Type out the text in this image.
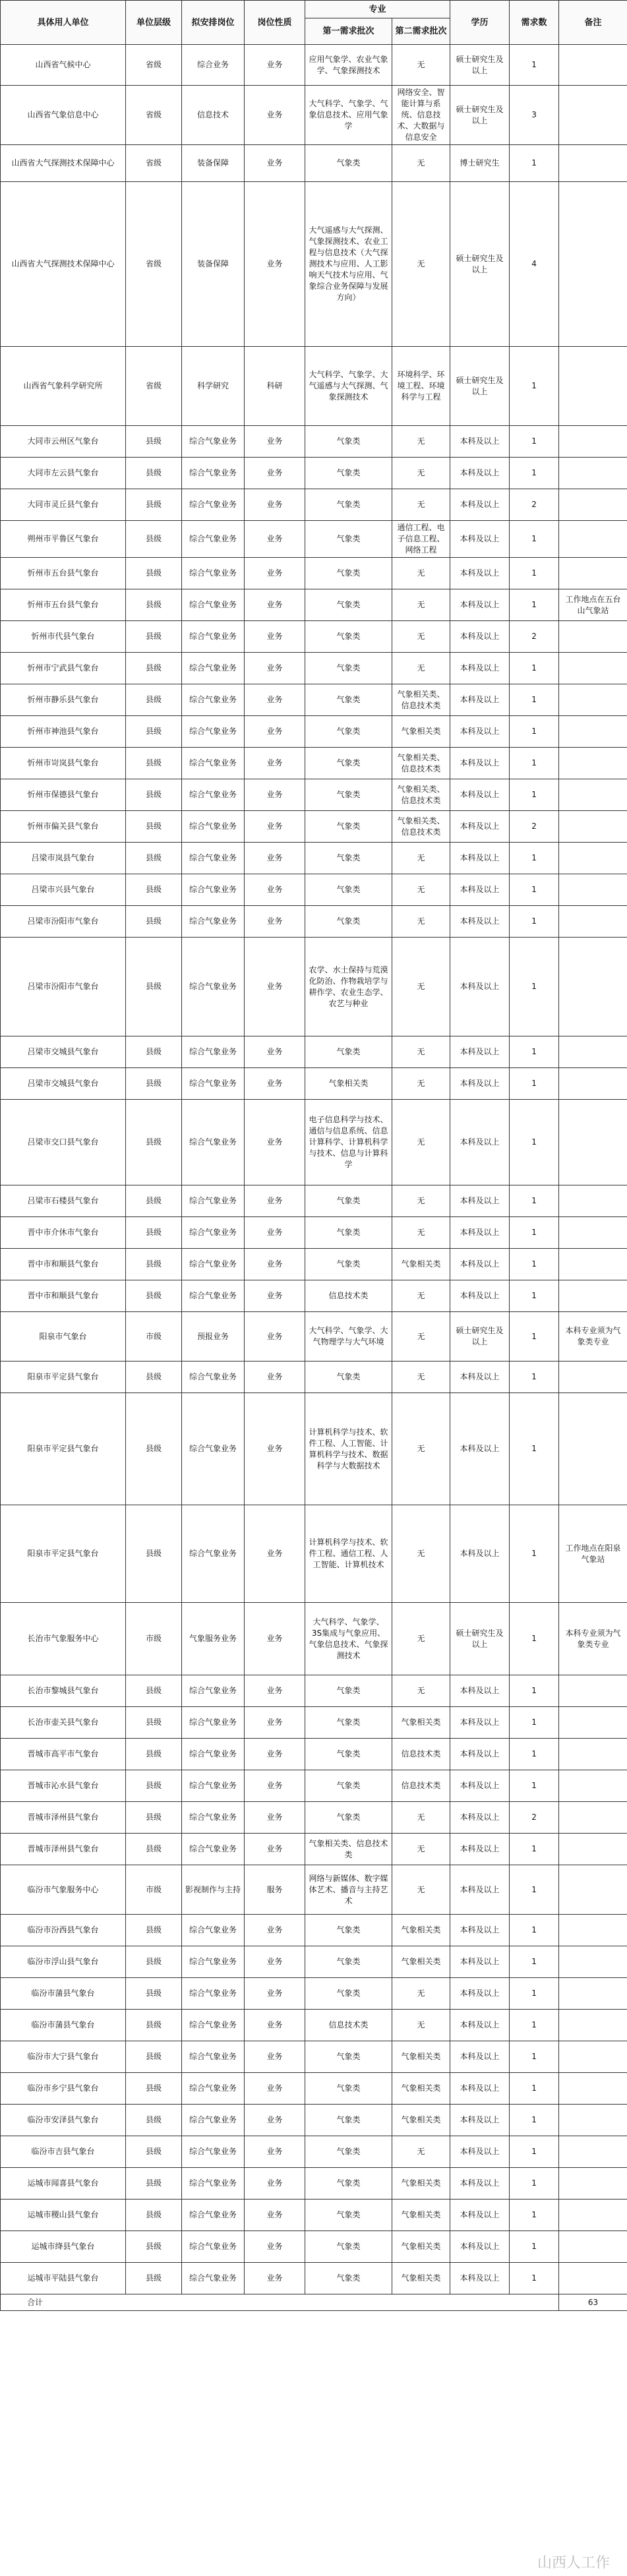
具体用人单位	单位层级	拟安排岗位	岗位性质	专业		学历	需求数	备注
				第一需求批次	第二需求批次			
山西省气候中心	省级	综合业务	业务	应用气象学、农业气象学、气象探测技术	无	硕士研究生及以上	1	
山西省气象信息中心	省级	信息技术	业务	大气科学、气象学、气象信息技术、应用气象学	网络安全、智能计算与系统、信息技术、大数据与信息安全	硕士研究生及以上	3	
山西省大气探测技术保障中心	省级	装备保障	业务	气象类	无	博士研究生	1	
山西省大气探测技术保障中心	省级	装备保障	业务	大气遥感与大气探测、气象探测技术、农业工程与信息技术（大气探测技术与应用、人工影响天气技术与应用、气象综合业务保障与发展方向）	无	硕士研究生及以上	4	
山西省气象科学研究所	省级	科学研究	科研	大气科学、气象学、大气遥感与大气探测、气象探测技术	环境科学、环境工程、环境科学与工程	硕士研究生及以上	1	
大同市云州区气象台	县级	综合气象业务	业务	气象类	无	本科及以上	1	
大同市左云县气象台	县级	综合气象业务	业务	气象类	无	本科及以上	1	
大同市灵丘县气象台	县级	综合气象业务	业务	气象类	无	本科及以上	2	
朔州市平鲁区气象台	县级	综合气象业务	业务	气象类	通信工程、电子信息工程、网络工程	本科及以上	1	
忻州市五台县气象台	县级	综合气象业务	业务	气象类	无	本科及以上	1	
忻州市五台县气象台	县级	综合气象业务	业务	气象类	无	本科及以上	1	工作地点在五台山气象站
忻州市代县气象台	县级	综合气象业务	业务	气象类	无	本科及以上	2	
忻州市宁武县气象台	县级	综合气象业务	业务	气象类	无	本科及以上	1	
忻州市静乐县气象台	县级	综合气象业务	业务	气象类	气象相关类、信息技术类	本科及以上	1	
忻州市神池县气象台	县级	综合气象业务	业务	气象类	气象相关类	本科及以上	1	
忻州市岢岚县气象台	县级	综合气象业务	业务	气象类	气象相关类、信息技术类	本科及以上	1	
忻州市保德县气象台	县级	综合气象业务	业务	气象类	气象相关类、信息技术类	本科及以上	1	
忻州市偏关县气象台	县级	综合气象业务	业务	气象类	气象相关类、信息技术类	本科及以上	2	
吕梁市岚县气象台	县级	综合气象业务	业务	气象类	无	本科及以上	1	
吕梁市兴县气象台	县级	综合气象业务	业务	气象类	无	本科及以上	1	
吕梁市汾阳市气象台	县级	综合气象业务	业务	气象类	无	本科及以上	1	
吕梁市汾阳市气象台	县级	综合气象业务	业务	农学、水土保持与荒漠化防治、作物栽培学与耕作学、农业生态学、农艺与种业	无	本科及以上	1	
吕梁市交城县气象台	县级	综合气象业务	业务	气象类	无	本科及以上	1	
吕梁市交城县气象台	县级	综合气象业务	业务	气象相关类	无	本科及以上	1	
吕梁市交口县气象台	县级	综合气象业务	业务	电子信息科学与技术、通信与信息系统、信息计算科学、计算机科学与技术、信息与计算科学	无	本科及以上	1	
吕梁市石楼县气象台	县级	综合气象业务	业务	气象类	无	本科及以上	1	
晋中市介休市气象台	县级	综合气象业务	业务	气象类	无	本科及以上	1	
晋中市和顺县气象台	县级	综合气象业务	业务	气象类	气象相关类	本科及以上	1	
晋中市和顺县气象台	县级	综合气象业务	业务	信息技术类	无	本科及以上	1	
阳泉市气象台	市级	预报业务	业务	大气科学、气象学、大气物理学与大气环境	无	硕士研究生及以上	1	本科专业须为气象类专业
阳泉市平定县气象台	县级	综合气象业务	业务	气象类	无	本科及以上	1	
阳泉市平定县气象台	县级	综合气象业务	业务	计算机科学与技术、软件工程、人工智能、计算机科学与技术、数据科学与大数据技术	无	本科及以上	1	
阳泉市平定县气象台	县级	综合气象业务	业务	计算机科学与技术、软件工程、通信工程、人工智能、计算机技术	无	本科及以上	1	工作地点在阳泉气象站
长治市气象服务中心	市级	气象服务业务	业务	大气科学、气象学、3S集成与气象应用、气象信息技术、气象探测技术	无	硕士研究生及以上	1	本科专业须为气象类专业
长治市黎城县气象台	县级	综合气象业务	业务	气象类	无	本科及以上	1	
长治市壶关县气象台	县级	综合气象业务	业务	气象类	气象相关类	本科及以上	1	
晋城市高平市气象台	县级	综合气象业务	业务	气象类	信息技术类	本科及以上	1	
晋城市沁水县气象台	县级	综合气象业务	业务	气象类	信息技术类	本科及以上	1	
晋城市泽州县气象台	县级	综合气象业务	业务	气象类	无	本科及以上	2	
晋城市泽州县气象台	县级	综合气象业务	业务	气象相关类、信息技术类	无	本科及以上	1	
临汾市气象服务中心	市级	影视制作与主持	服务	网络与新媒体、数字媒体艺术、播音与主持艺术	无	本科及以上	1	
临汾市汾西县气象台	县级	综合气象业务	业务	气象类	气象相关类	本科及以上	1	
临汾市浮山县气象台	县级	综合气象业务	业务	气象类	气象相关类	本科及以上	1	
临汾市蒲县气象台	县级	综合气象业务	业务	气象类	无	本科及以上	1	
临汾市蒲县气象台	县级	综合气象业务	业务	信息技术类	无	本科及以上	1	
临汾市大宁县气象台	县级	综合气象业务	业务	气象类	气象相关类	本科及以上	1	
临汾市乡宁县气象台	县级	综合气象业务	业务	气象类	气象相关类	本科及以上	1	
临汾市安泽县气象台	县级	综合气象业务	业务	气象类	气象相关类	本科及以上	1	
临汾市吉县气象台	县级	综合气象业务	业务	气象类	无	本科及以上	1	
运城市闻喜县气象台	县级	综合气象业务	业务	气象类	气象相关类	本科及以上	1	
运城市稷山县气象台	县级	综合气象业务	业务	气象类	气象相关类	本科及以上	1	
运城市绛县气象台	县级	综合气象业务	业务	气象类	气象相关类	本科及以上	1	
运城市平陆县气象台	县级	综合气象业务	业务	气象类	气象相关类	本科及以上	1	
合计								63
山西人工作
